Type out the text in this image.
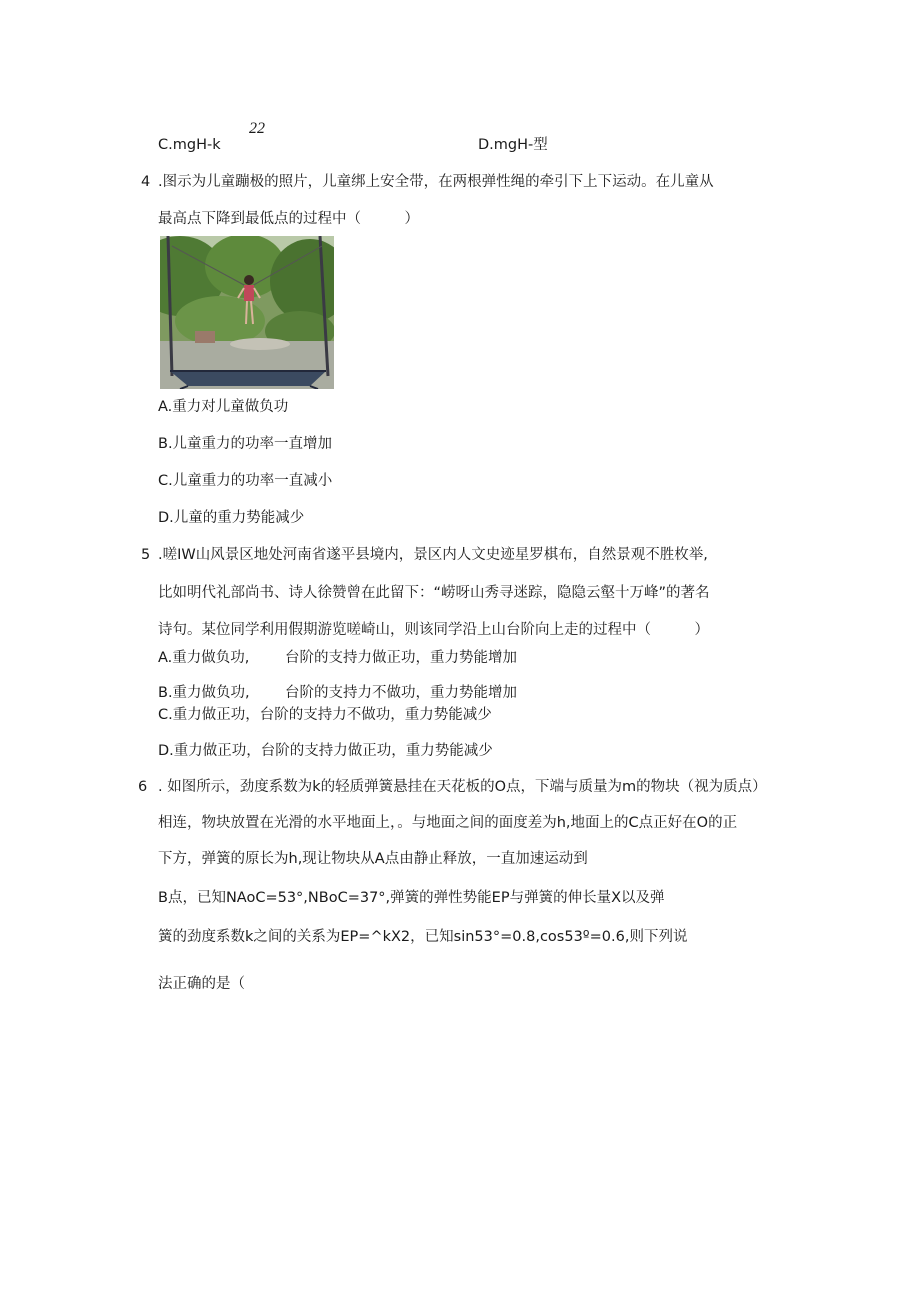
22
C.mgH-k	D.mgH-型
4 .图示为儿童蹦极的照片，儿童绑上安全带，在两根弹性绳的牵引下上下运动。在儿童从
最高点下降到最低点的过程中（　　　）
A.重力对儿童做负功
B.儿童重力的功率一直增加
C.儿童重力的功率一直减小
D.儿童的重力势能减少
5 .嗟IW山风景区地处河南省遂平县境内，景区内人文史迹星罗棋布，自然景观不胜枚举,
比如明代礼部尚书、诗人徐赞曾在此留下：“崂呀山秀寻迷踪，隐隐云壑十万峰”的著名
诗句。某位同学利用假期游览嗟崎山，则该同学沿上山台阶向上走的过程中（　　　）
A.重力做负功, 台阶的支持力做正功，重力势能增加
B.重力做负功, 台阶的支持力不做功，重力势能增加
C.重力做正功，台阶的支持力不做功，重力势能减少
D.重力做正功，台阶的支持力做正功，重力势能减少
6 . 如图所示，劲度系数为k的轻质弹簧悬挂在天花板的O点，下端与质量为m的物块（视为质点）
相连，物块放置在光滑的水平地面上，。与地面之间的面度差为h,地面上的C点正好在O的正
下方，弹簧的原长为h,现让物块从A点由静止释放，一直加速运动到
B点，已知NAoC=53°,NBoC=37°,弹簧的弹性势能EP与弹簧的伸长量X以及弹
簧的劲度系数k之间的关系为EP=^kX2，已知sin53°=0.8,cos53º=0.6,则下列说
法正确的是（
